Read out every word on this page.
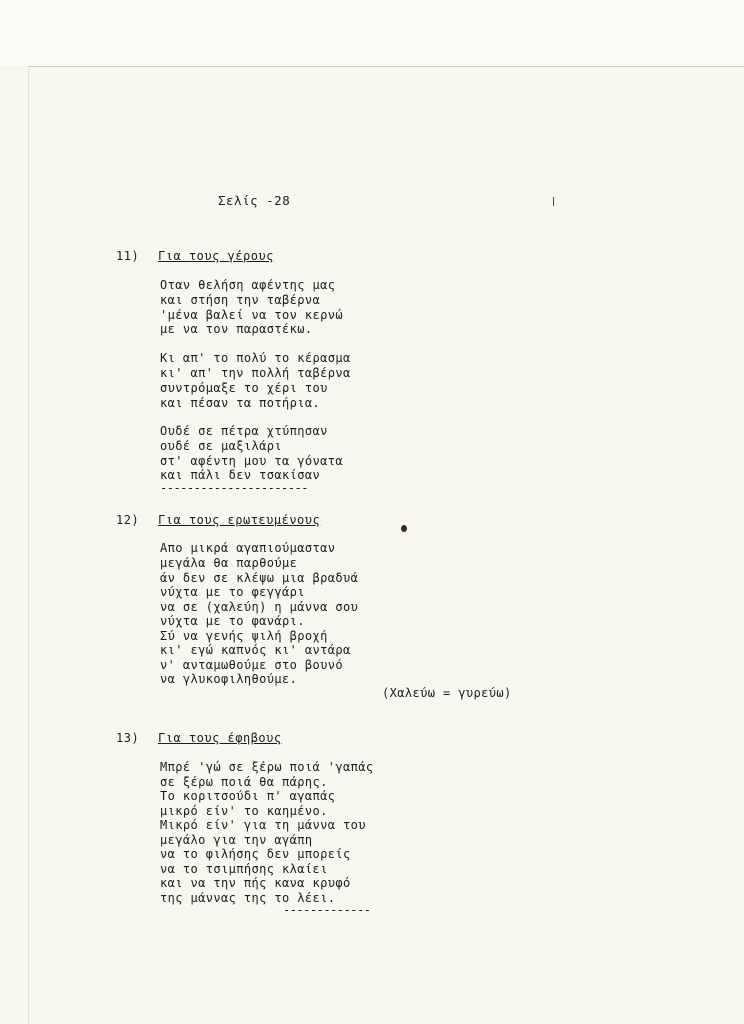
Σελίς -28
11) Για τους γέρους
Οταν θελήση αφέντης μας
και στήση την ταβέρνα
'μένα βαλεί να τον κερνώ
με να τον παραστέκω.
Κι απ' το πολύ το κέρασμα
κι' απ' την πολλή ταβέρνα
συντρόμαξε το χέρι του
και πέσαν τα ποτήρια.
Ουδέ σε πέτρα χτύπησαν
ουδέ σε μαξιλάρι
στ' αφέντη μου τα γόνατα
και πάλι δεν τσακίσαν
----------------------
12) Για τους ερωτευμένους
Απο μικρά αγαπιούμασταν
μεγάλα θα παρθούμε
άν δεν σε κλέψω μια βραδυά
νύχτα με το φεγγάρι
να σε (χαλεύη) η μάννα σου
νύχτα με το φανάρι.
Σύ να γενής ψιλή βροχή
κι' εγώ καπνός κι' αντάρα
ν' ανταμωθούμε στο βουνό
να γλυκοφιληθούμε.
(Χαλεύω = γυρεύω)
13) Για τους έφηβους
Μπρέ 'γώ σε ξέρω ποιά 'γαπάς
σε ξέρω ποιά θα πάρης.
Το κοριτσούδι π' αγαπάς
μικρό είν' το καημένο.
Μικρό είν' για τη μάννα του
μεγάλο για την αγάπη
να το φιλήσης δεν μπορείς
να το τσιμπήσης κλαίει
και να την πής κανα κρυφό
της μάννας της το λέει.
-------------
